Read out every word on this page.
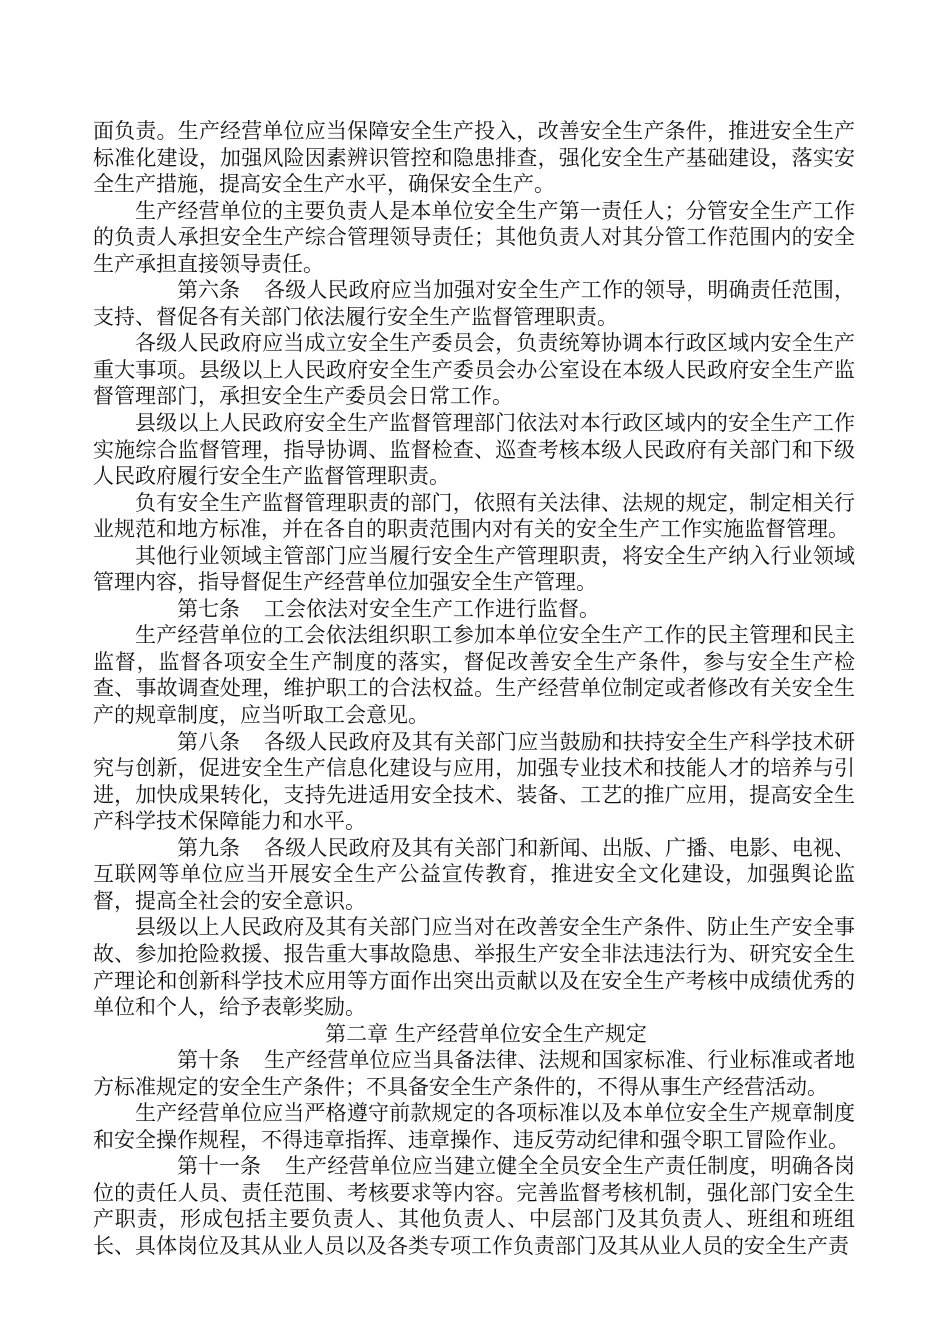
面负责。生产经营单位应当保障安全生产投入，改善安全生产条件，推进安全生产标准化建设，加强风险因素辨识管控和隐患排查，强化安全生产基础建设，落实安全生产措施，提高安全生产水平，确保安全生产。

生产经营单位的主要负责人是本单位安全生产第一责任人；分管安全生产工作的负责人承担安全生产综合管理领导责任；其他负责人对其分管工作范围内的安全生产承担直接领导责任。

第六条 各级人民政府应当加强对安全生产工作的领导，明确责任范围，支持、督促各有关部门依法履行安全生产监督管理职责。

各级人民政府应当成立安全生产委员会，负责统筹协调本行政区域内安全生产重大事项。县级以上人民政府安全生产委员会办公室设在本级人民政府安全生产监督管理部门，承担安全生产委员会日常工作。

县级以上人民政府安全生产监督管理部门依法对本行政区域内的安全生产工作实施综合监督管理，指导协调、监督检查、巡查考核本级人民政府有关部门和下级人民政府履行安全生产监督管理职责。

负有安全生产监督管理职责的部门，依照有关法律、法规的规定，制定相关行业规范和地方标准，并在各自的职责范围内对有关的安全生产工作实施监督管理。

其他行业领域主管部门应当履行安全生产管理职责，将安全生产纳入行业领域管理内容，指导督促生产经营单位加强安全生产管理。

第七条 工会依法对安全生产工作进行监督。

生产经营单位的工会依法组织职工参加本单位安全生产工作的民主管理和民主监督，监督各项安全生产制度的落实，督促改善安全生产条件，参与安全生产检查、事故调查处理，维护职工的合法权益。生产经营单位制定或者修改有关安全生产的规章制度，应当听取工会意见。

第八条 各级人民政府及其有关部门应当鼓励和扶持安全生产科学技术研究与创新，促进安全生产信息化建设与应用，加强专业技术和技能人才的培养与引进，加快成果转化，支持先进适用安全技术、装备、工艺的推广应用，提高安全生产科学技术保障能力和水平。

第九条 各级人民政府及其有关部门和新闻、出版、广播、电影、电视、互联网等单位应当开展安全生产公益宣传教育，推进安全文化建设，加强舆论监督，提高全社会的安全意识。

县级以上人民政府及其有关部门应当对在改善安全生产条件、防止生产安全事故、参加抢险救援、报告重大事故隐患、举报生产安全非法违法行为、研究安全生产理论和创新科学技术应用等方面作出突出贡献以及在安全生产考核中成绩优秀的单位和个人，给予表彰奖励。

第二章 生产经营单位安全生产规定

第十条 生产经营单位应当具备法律、法规和国家标准、行业标准或者地方标准规定的安全生产条件；不具备安全生产条件的，不得从事生产经营活动。

生产经营单位应当严格遵守前款规定的各项标准以及本单位安全生产规章制度和安全操作规程，不得违章指挥、违章操作、违反劳动纪律和强令职工冒险作业。

第十一条 生产经营单位应当建立健全全员安全生产责任制度，明确各岗位的责任人员、责任范围、考核要求等内容。完善监督考核机制，强化部门安全生产职责，形成包括主要负责人、其他负责人、中层部门及其负责人、班组和班组长、具体岗位及其从业人员以及各类专项工作负责部门及其从业人员的安全生产责
